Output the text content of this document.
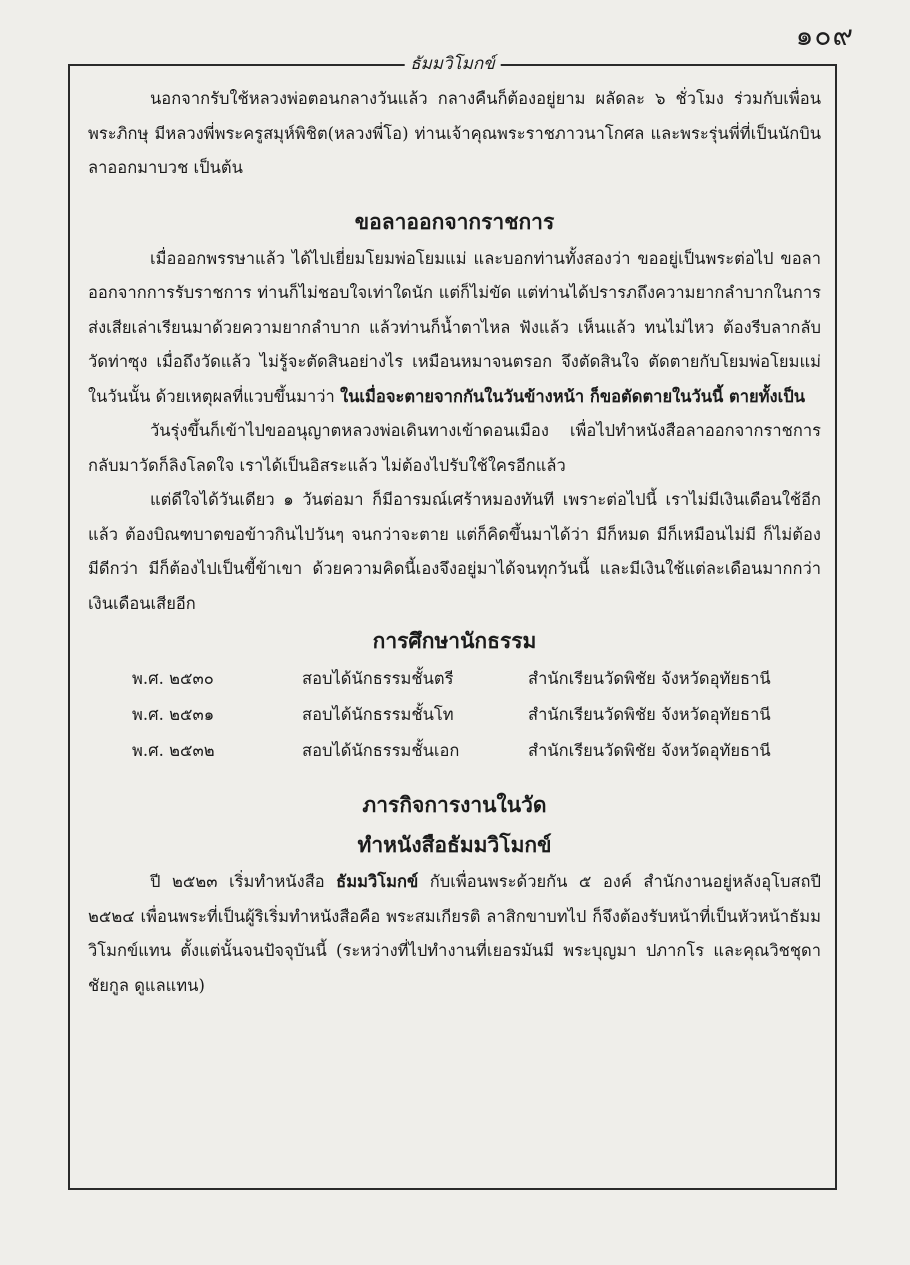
๑๐๙
ธัมมวิโมกข์

นอกจากรับใช้หลวงพ่อตอนกลางวันแล้ว กลางคืนก็ต้องอยู่ยาม ผลัดละ ๖ ชั่วโมง ร่วมกับเพื่อนพระภิกษุ มีหลวงพี่พระครูสมุห์พิชิต(หลวงพี่โอ) ท่านเจ้าคุณพระราชภาวนาโกศล และพระรุ่นพี่ที่เป็นนักบินลาออกมาบวช เป็นต้น

ขอลาออกจากราชการ

เมื่อออกพรรษาแล้ว ได้ไปเยี่ยมโยมพ่อโยมแม่ และบอกท่านทั้งสองว่า ขออยู่เป็นพระต่อไป ขอลาออกจากการรับราชการ ท่านก็ไม่ชอบใจเท่าใดนัก แต่ก็ไม่ขัด แต่ท่านได้ปรารภถึงความยากลำบากในการส่งเสียเล่าเรียนมาด้วยความยากลำบาก แล้วท่านก็น้ำตาไหล ฟังแล้ว เห็นแล้ว ทนไม่ไหว ต้องรีบลากลับวัดท่าซุง เมื่อถึงวัดแล้ว ไม่รู้จะตัดสินอย่างไร เหมือนหมาจนตรอก จึงตัดสินใจ ตัดตายกับโยมพ่อโยมแม่ในวันนั้น ด้วยเหตุผลที่แวบขึ้นมาว่า ในเมื่อจะตายจากกันในวันข้างหน้า ก็ขอตัดตายในวันนี้ ตายทั้งเป็น

วันรุ่งขึ้นก็เข้าไปขออนุญาตหลวงพ่อเดินทางเข้าดอนเมือง เพื่อไปทำหนังสือลาออกจากราชการ กลับมาวัดก็ลิงโลดใจ เราได้เป็นอิสระแล้ว ไม่ต้องไปรับใช้ใครอีกแล้ว

แต่ดีใจได้วันเดียว ๑ วันต่อมา ก็มีอารมณ์เศร้าหมองทันที เพราะต่อไปนี้ เราไม่มีเงินเดือนใช้อีกแล้ว ต้องบิณฑบาตขอข้าวกินไปวันๆ จนกว่าจะตาย แต่ก็คิดขึ้นมาได้ว่า มีก็หมด มีก็เหมือนไม่มี ก็ไม่ต้องมีดีกว่า มีก็ต้องไปเป็นขี้ข้าเขา ด้วยความคิดนี้เองจึงอยู่มาได้จนทุกวันนี้ และมีเงินใช้แต่ละเดือนมากกว่าเงินเดือนเสียอีก

การศึกษานักธรรม
พ.ศ. ๒๕๓๐	สอบได้นักธรรมชั้นตรี	สำนักเรียนวัดพิชัย จังหวัดอุทัยธานี
พ.ศ. ๒๕๓๑	สอบได้นักธรรมชั้นโท	สำนักเรียนวัดพิชัย จังหวัดอุทัยธานี
พ.ศ. ๒๕๓๒	สอบได้นักธรรมชั้นเอก	สำนักเรียนวัดพิชัย จังหวัดอุทัยธานี
ภารกิจการงานในวัด
ทำหนังสือธัมมวิโมกข์

ปี ๒๕๒๓ เริ่มทำหนังสือ ธัมมวิโมกข์ กับเพื่อนพระด้วยกัน ๕ องค์ สำนักงานอยู่หลังอุโบสถปี ๒๕๒๔ เพื่อนพระที่เป็นผู้ริเริ่มทำหนังสือคือ พระสมเกียรติ ลาสิกขาบทไป ก็จึงต้องรับหน้าที่เป็นหัวหน้าธัมมวิโมกข์แทน ตั้งแต่นั้นจนปัจจุบันนี้ (ระหว่างที่ไปทำงานที่เยอรมันมี พระบุญมา ปภากโร และคุณวิชชุดา ชัยกูล ดูแลแทน)
